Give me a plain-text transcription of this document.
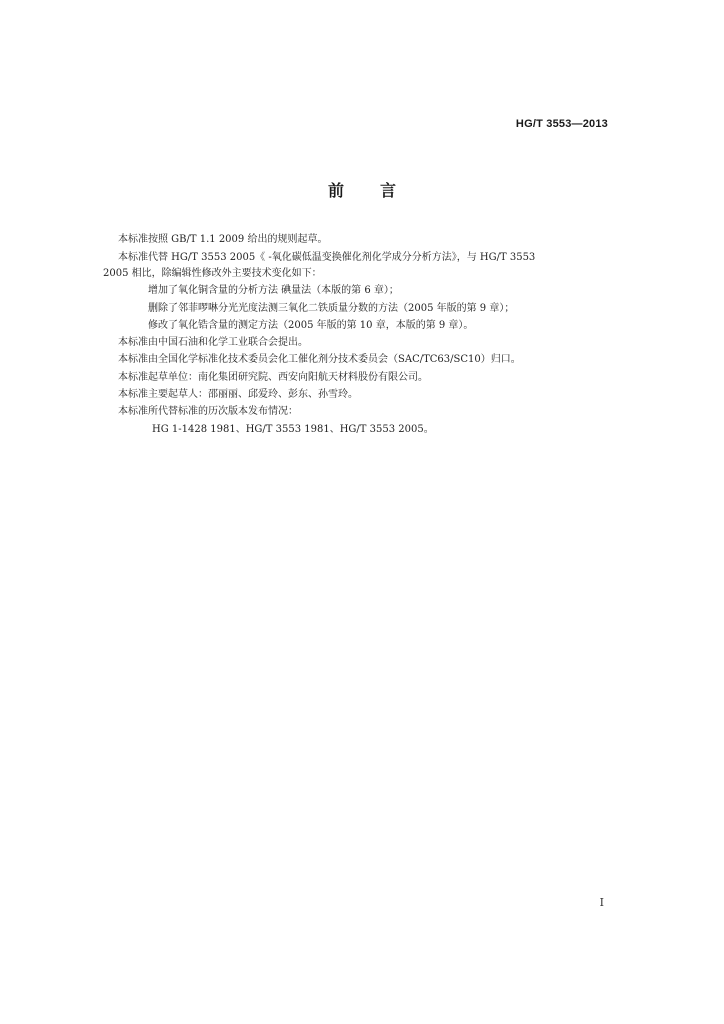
HG/T 3553—2013
前 言
本标准按照 GB/T 1.1 2009 给出的规则起草。
本标准代替 HG/T 3553 2005《 -氧化碳低温变换催化剂化学成分分析方法》，与 HG/T 3553
2005 相比，除编辑性修改外主要技术变化如下：
增加了氧化铜含量的分析方法 碘量法（本版的第 6 章）；
删除了邻菲啰啉分光光度法测三氧化二铁质量分数的方法（2005 年版的第 9 章）；
修改了氧化锆含量的测定方法（2005 年版的第 10 章，本版的第 9 章）。
本标准由中国石油和化学工业联合会提出。
本标准由全国化学标准化技术委员会化工催化剂分技术委员会（SAC/TC63/SC10）归口。
本标准起草单位：南化集团研究院、西安向阳航天材料股份有限公司。
本标准主要起草人：邵丽丽、邱爱玲、彭东、孙雪玲。
本标准所代替标准的历次版本发布情况：
HG 1-1428 1981、HG/T 3553 1981、HG/T 3553 2005。
I
